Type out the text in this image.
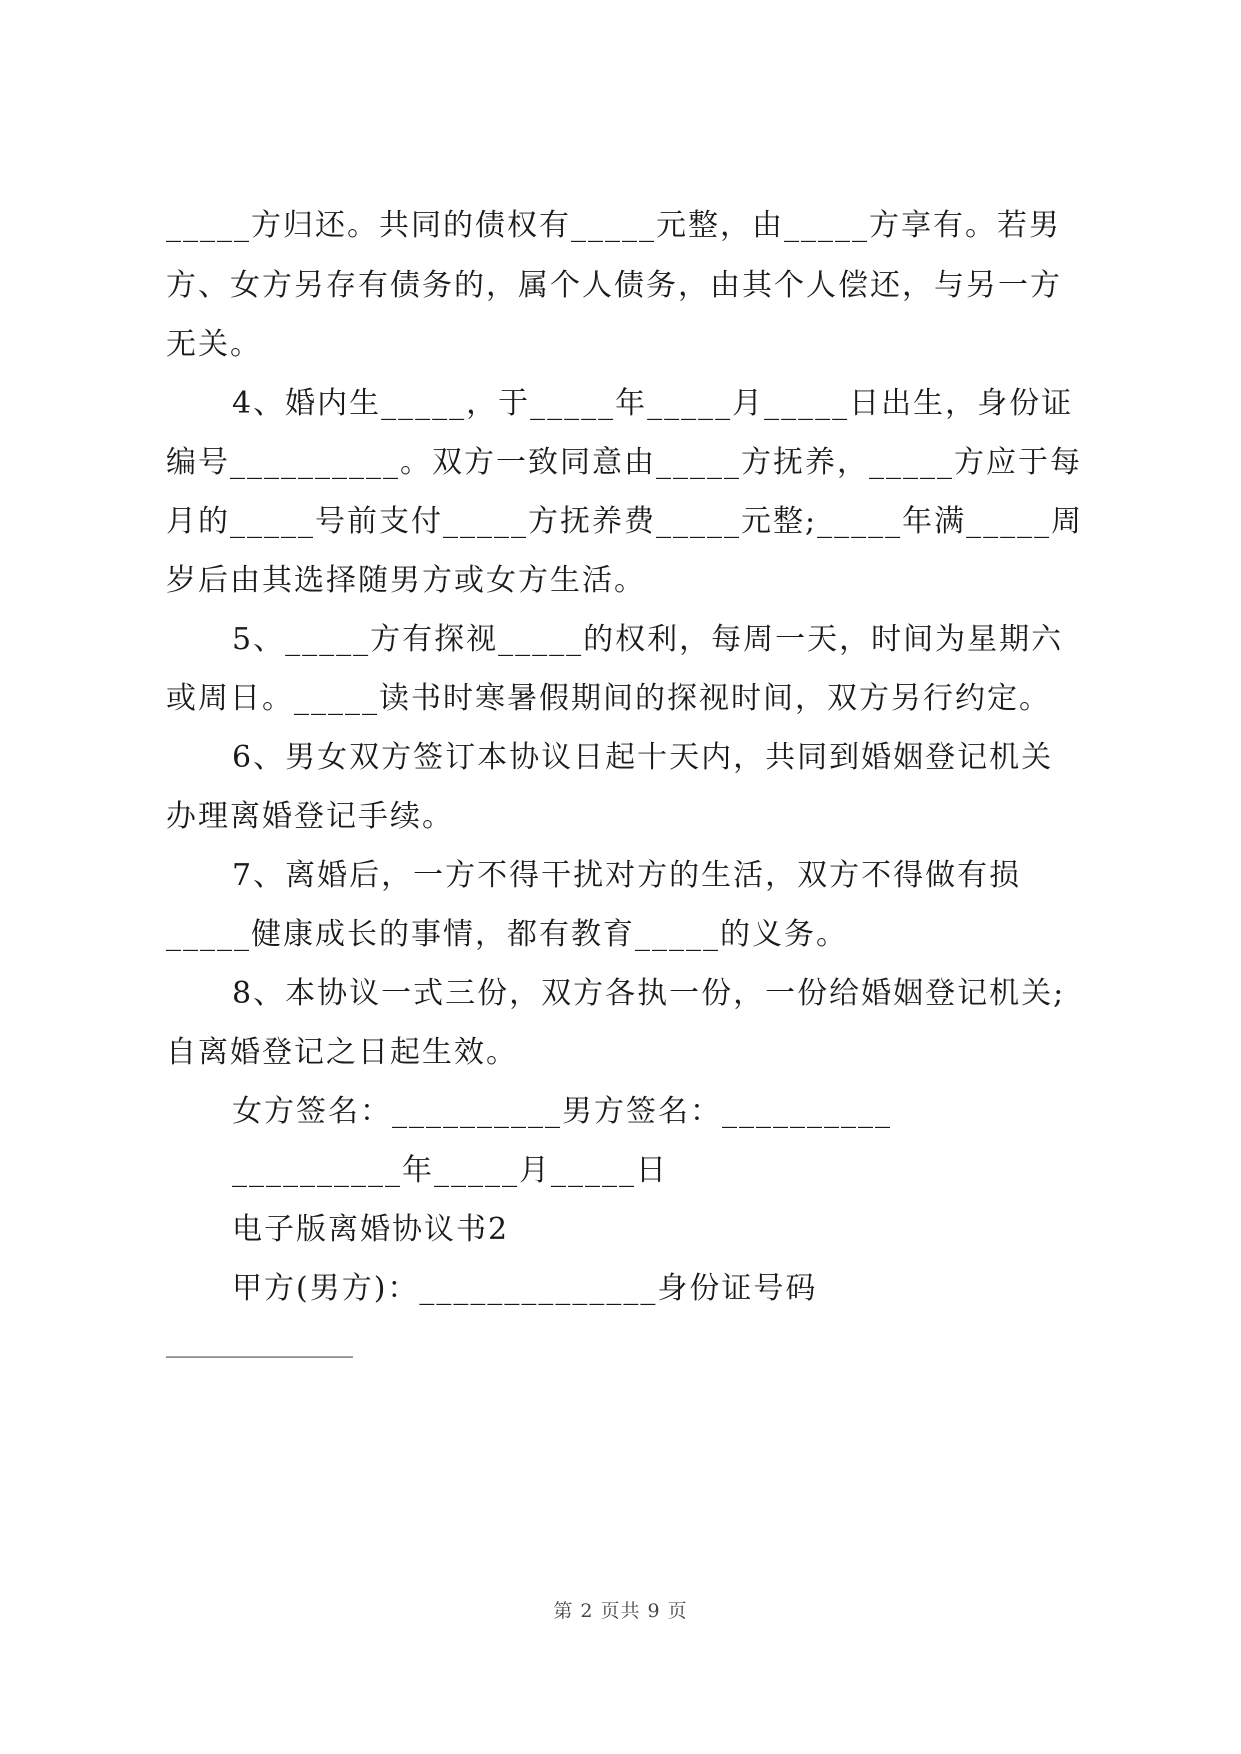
_____方归还。共同的债权有_____元整，由_____方享有。若男
方、女方另存有债务的，属个人债务，由其个人偿还，与另一方
无关。
4、婚内生_____，于_____年_____月_____日出生，身份证
编号__________。双方一致同意由_____方抚养，_____方应于每
月的_____号前支付_____方抚养费_____元整;_____年满_____周
岁后由其选择随男方或女方生活。
5、_____方有探视_____的权利，每周一天，时间为星期六
或周日。_____读书时寒暑假期间的探视时间，双方另行约定。
6、男女双方签订本协议日起十天内，共同到婚姻登记机关
办理离婚登记手续。
7、离婚后，一方不得干扰对方的生活，双方不得做有损
_____健康成长的事情，都有教育_____的义务。
8、本协议一式三份，双方各执一份，一份给婚姻登记机关;
自离婚登记之日起生效。
女方签名：__________男方签名：__________
__________年_____月_____日
电子版离婚协议书2
甲方(男方)：______________身份证号码
_________________
第 2 页共 9 页
